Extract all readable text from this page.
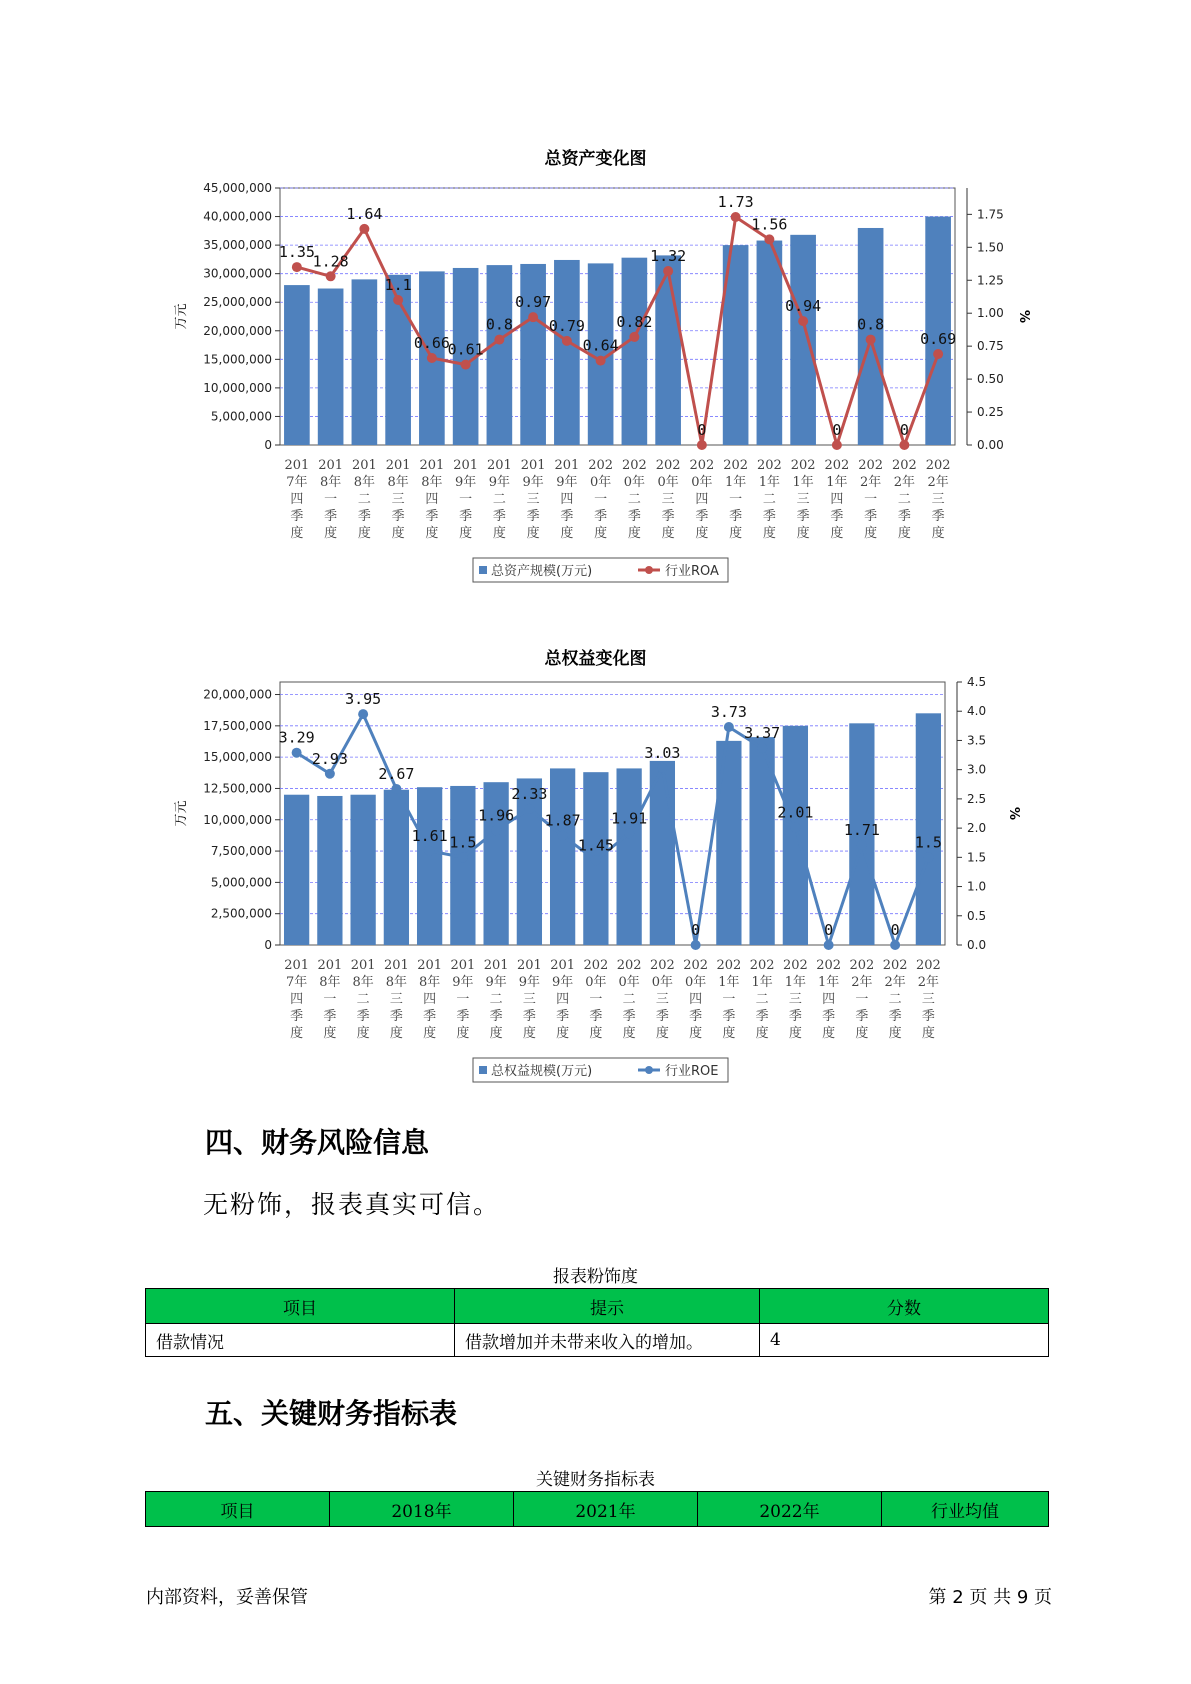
总资产变化图
45,000,000
40,000,000
35,000,000
30,000,000
25,000,000
20,000,000
15,000,000
10,000,000
5,000,000
0
1.75
1.50
1.25
1.00
0.75
0.50
0.25
0.00
万元	%
1.35
1.28
1.64
1.1
0.66
0.61
0.8
0.97
0.79
0.64
0.82
1.32
0
1.73
1.56
0.94
0
0.8
0
0.69
201
7年
四
季
度
201
8年
一
季
度
201
8年
二
季
度
201
8年
三
季
度
201
8年
四
季
度
201
9年
一
季
度
201
9年
二
季
度
201
9年
三
季
度
201
9年
四
季
度
202
0年
一
季
度
202
0年
二
季
度
202
0年
三
季
度
202
0年
四
季
度
202
1年
一
季
度
202
1年
二
季
度
202
1年
三
季
度
202
1年
四
季
度
202
2年
一
季
度
202
2年
二
季
度
202
2年
三
季
度
总资产规模(万元)	行业ROA
总权益变化图
20,000,000
17,500,000
15,000,000
12,500,000
10,000,000
7,500,000
5,000,000
2,500,000
0
4.5
4.0
3.5
3.0
2.5
2.0
1.5
1.0
0.5
0.0
万元	%
3.29
2.93
3.95
2.67
1.61 1.5
1.96
2.33
1.87
1.45
1.91
3.03
0
3.73
3.37
2.01
0
1.71
0
1.5
201
7年
四
季
度
201
8年
一
季
度
201
8年
二
季
度
201
8年
三
季
度
201
8年
四
季
度
201
9年
一
季
度
201
9年
二
季
度
201
9年
三
季
度
201
9年
四
季
度
202
0年
一
季
度
202
0年
二
季
度
202
0年
三
季
度
202
0年
四
季
度
202
1年
一
季
度
202
1年
二
季
度
202
1年
三
季
度
202
1年
四
季
度
202
2年
一
季
度
202
2年
二
季
度
202
2年
三
季
度
总权益规模(万元)	行业ROE
四、财务风险信息
无粉饰，报表真实可信。
报表粉饰度
项目	提示	分数
借款情况	借款增加并未带来收入的增加。	4
五、关键财务指标表
关键财务指标表
项目	2018年	2021年	2022年	行业均值
内部资料，妥善保管	第 2 页 共 9 页
